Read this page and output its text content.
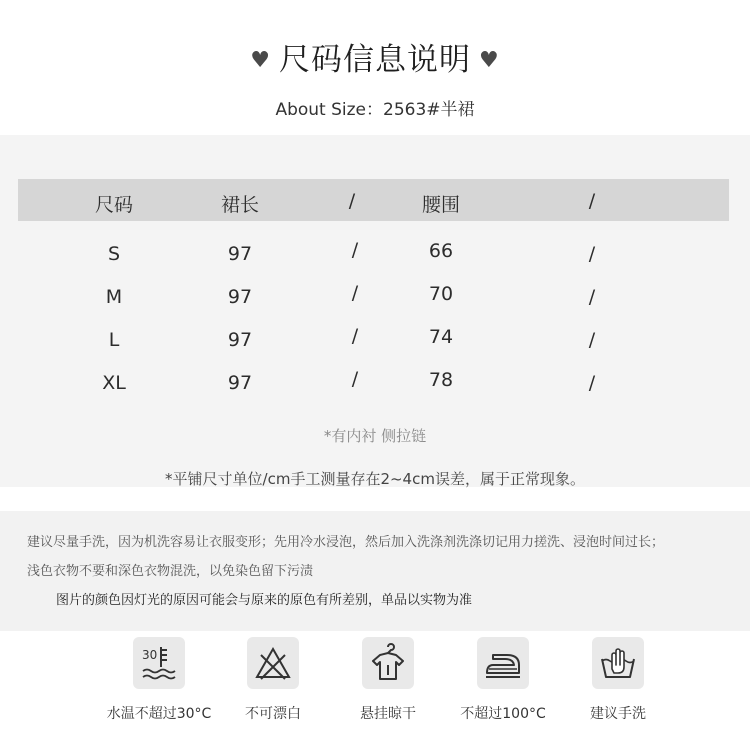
♥ 尺码信息说明 ♥
About Size：2563#半裙
尺码	裙长	/	腰围	/
S	97	/	66	/
M	97	/	70	/
L	97	/	74	/
XL	97	/	78	/
*有内衬 侧拉链
*平铺尺寸单位/cm手工测量存在2~4cm误差，属于正常现象。
建议尽量手洗，因为机洗容易让衣服变形；先用冷水浸泡，然后加入洗涤剂洗涤切记用力搓洗、浸泡时间过长；
浅色衣物不要和深色衣物混洗，以免染色留下污渍
图片的颜色因灯光的原因可能会与原来的原色有所差别，单品以实物为准
30
水温不超过30°C	不可漂白	悬挂晾干	不超过100°C	建议手洗
